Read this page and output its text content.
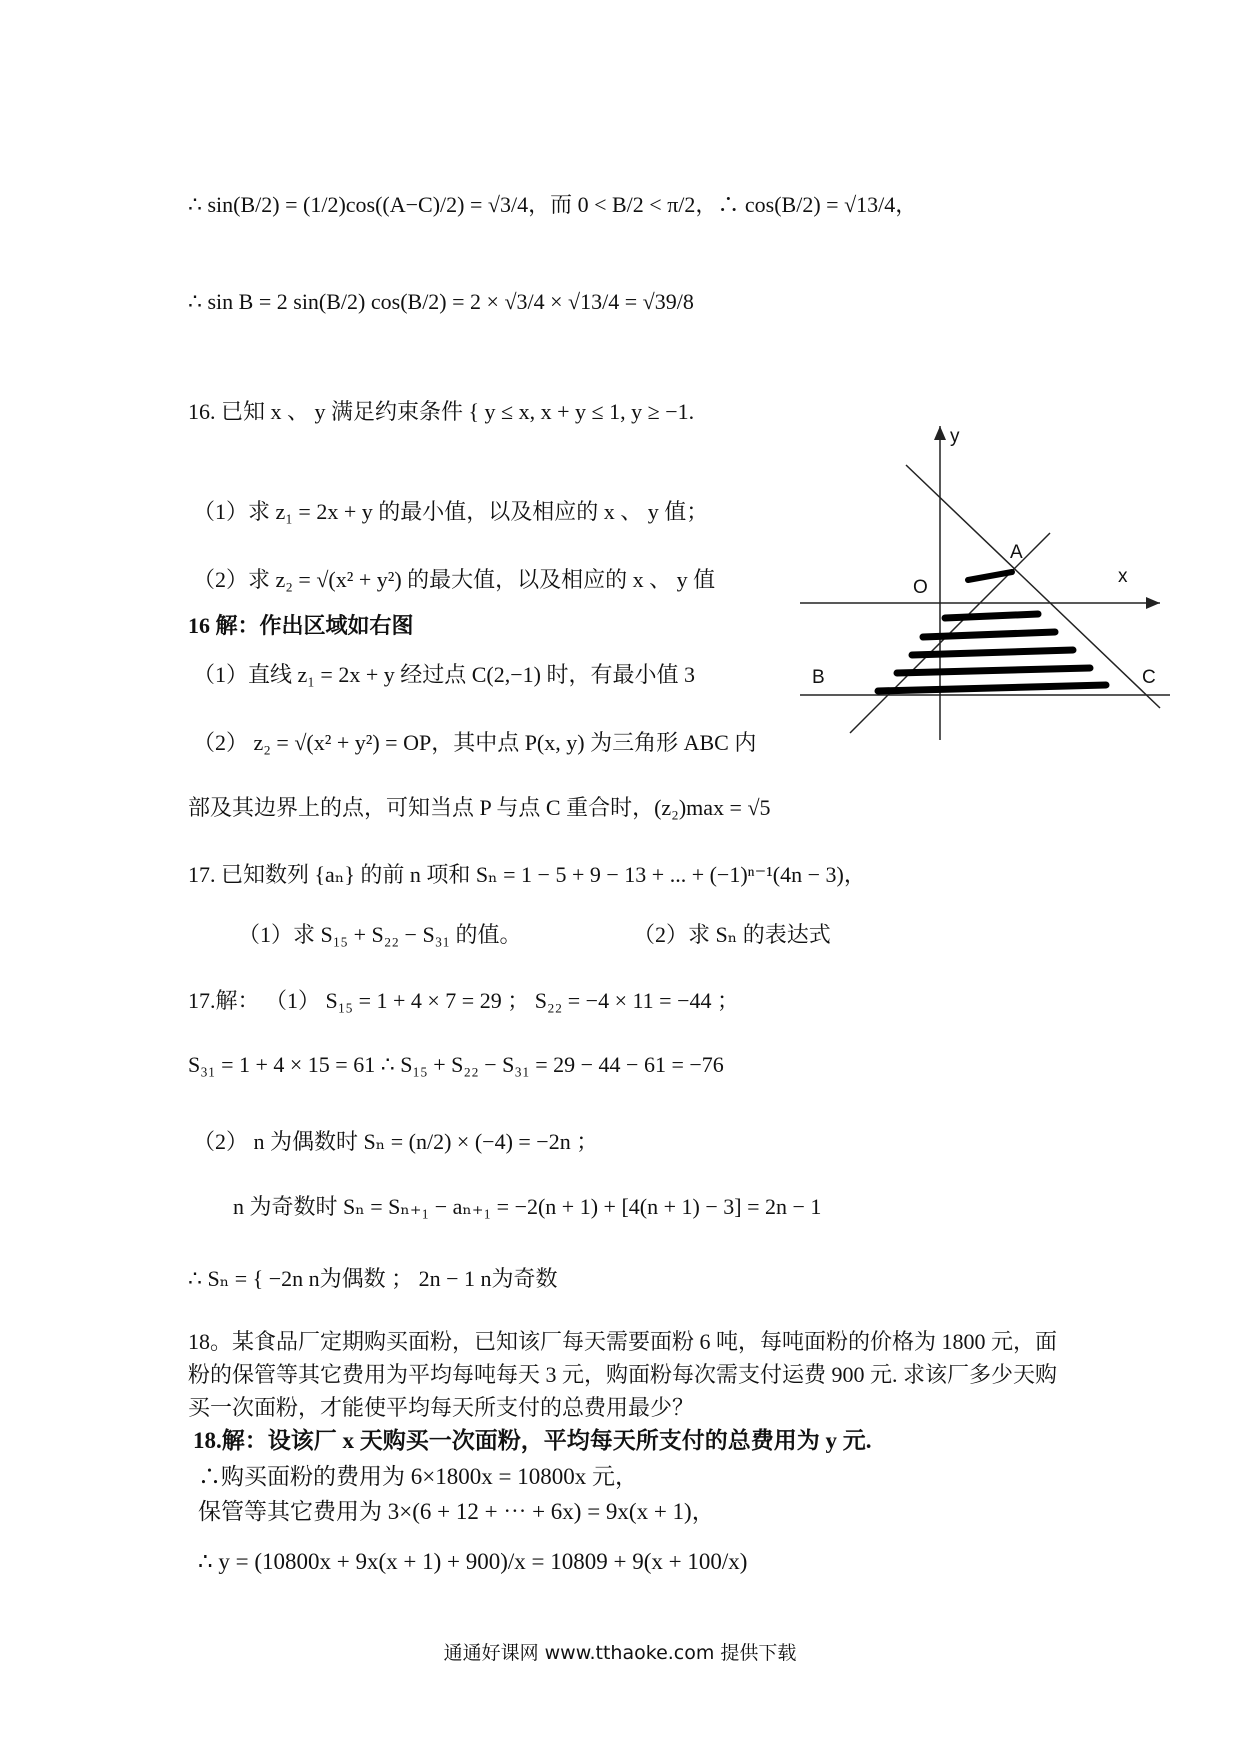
∴ sin(B/2) = (1/2)cos((A−C)/2) = √3/4，而 0 < B/2 < π/2，∴ cos(B/2) = √13/4，
∴ sin B = 2 sin(B/2) cos(B/2) = 2 × √3/4 × √13/4 = √39/8
16. 已知 x 、 y 满足约束条件 { y ≤ x, x + y ≤ 1, y ≥ −1.
（1）求 z₁ = 2x + y 的最小值，以及相应的 x 、 y 值；
（2）求 z₂ = √(x² + y²) 的最大值，以及相应的 x 、 y 值
16 解：作出区域如右图
（1）直线 z₁ = 2x + y 经过点 C(2,−1) 时，有最小值 3
（2） z₂ = √(x² + y²) = OP，其中点 P(x, y) 为三角形 ABC 内
部及其边界上的点，可知当点 P 与点 C 重合时，(z₂)max = √5
y
x
O
A
B	C
17. 已知数列 {aₙ} 的前 n 项和 Sₙ = 1 − 5 + 9 − 13 + ... + (−1)ⁿ⁻¹(4n − 3)，
（1）求 S₁₅ + S₂₂ − S₃₁ 的值。	（2）求 Sₙ 的表达式
17.解： （1） S₁₅ = 1 + 4 × 7 = 29 ； S₂₂ = −4 × 11 = −44 ；
S₃₁ = 1 + 4 × 15 = 61 ∴ S₁₅ + S₂₂ − S₃₁ = 29 − 44 − 61 = −76
（2） n 为偶数时 Sₙ = (n/2) × (−4) = −2n ；
n 为奇数时 Sₙ = Sₙ₊₁ − aₙ₊₁ = −2(n + 1) + [4(n + 1) − 3] = 2n − 1
∴ Sₙ = { −2n n为偶数 ； 2n − 1 n为奇数
18。某食品厂定期购买面粉，已知该厂每天需要面粉 6 吨，每吨面粉的价格为 1800 元，面粉的保管等其它费用为平均每吨每天 3 元，购面粉每次需支付运费 900 元. 求该厂多少天购买一次面粉，才能使平均每天所支付的总费用最少？
18.解：设该厂 x 天购买一次面粉，平均每天所支付的总费用为 y 元.
∴购买面粉的费用为 6×1800x = 10800x 元，
保管等其它费用为 3×(6 + 12 + ⋯ + 6x) = 9x(x + 1)，
∴ y = (10800x + 9x(x + 1) + 900)/x = 10809 + 9(x + 100/x)
通通好课网 www.tthaoke.com 提供下载
